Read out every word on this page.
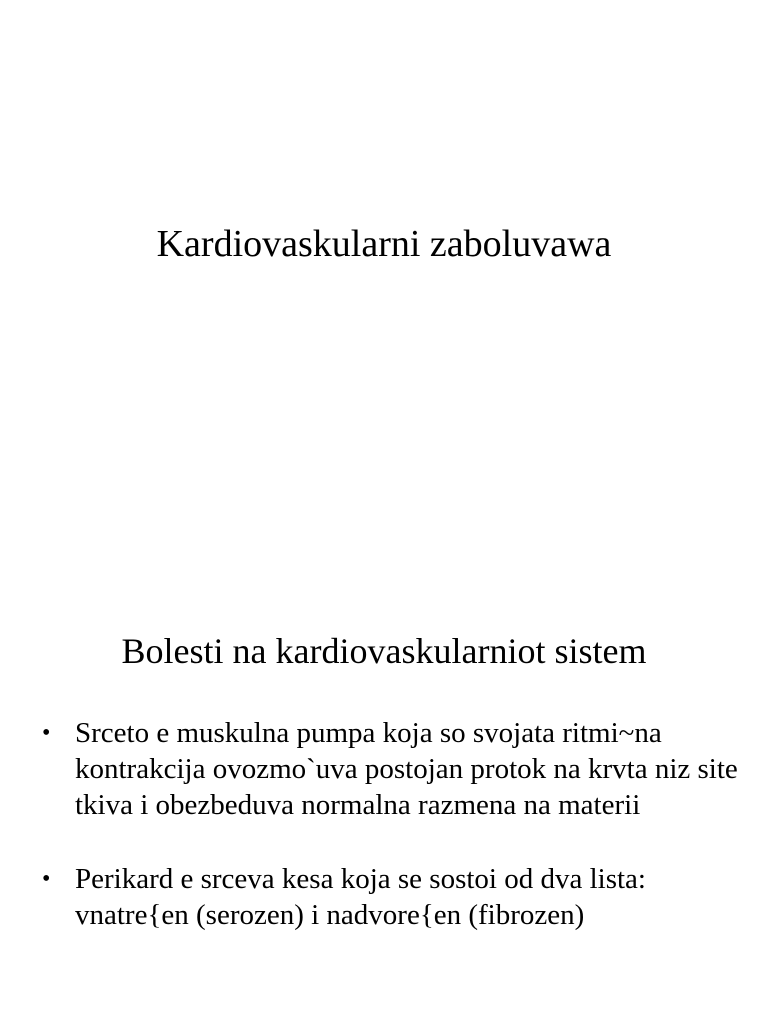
Kardiovaskularni zaboluvawa
Bolesti na kardiovaskularniot sistem
• Srceto e muskulna pumpa koja so svojata ritmi~na kontrakcija ovozmo`uva postojan protok na krvta niz site tkiva i obezbeduva normalna razmena na materii
• Perikard e srceva kesa koja se sostoi od dva lista: vnatre{en (serozen) i nadvore{en (fibrozen)
